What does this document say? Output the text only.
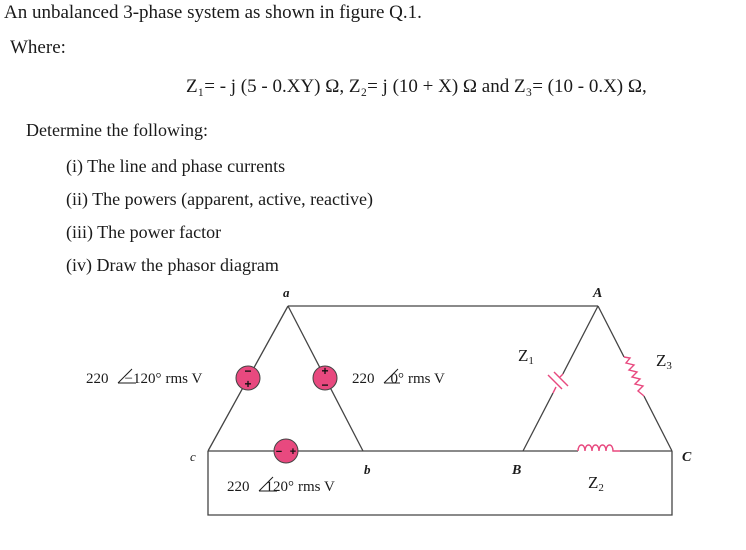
An unbalanced 3-phase system as shown in figure Q.1.
Where:
Z₁= - j (5 - 0.XY) Ω, Z₂= j (10 + X) Ω and Z₃= (10 - 0.X) Ω,
Determine the following:
(i) The line and phase currents
(ii) The powers (apparent, active, reactive)
(iii) The power factor
(iv) Draw the phasor diagram
−
+
+
−
− +
220 −120° rms V	220 0° rms V
220 120° rms V
a
b
c
A
B
C
Z1
Z2
Z3
